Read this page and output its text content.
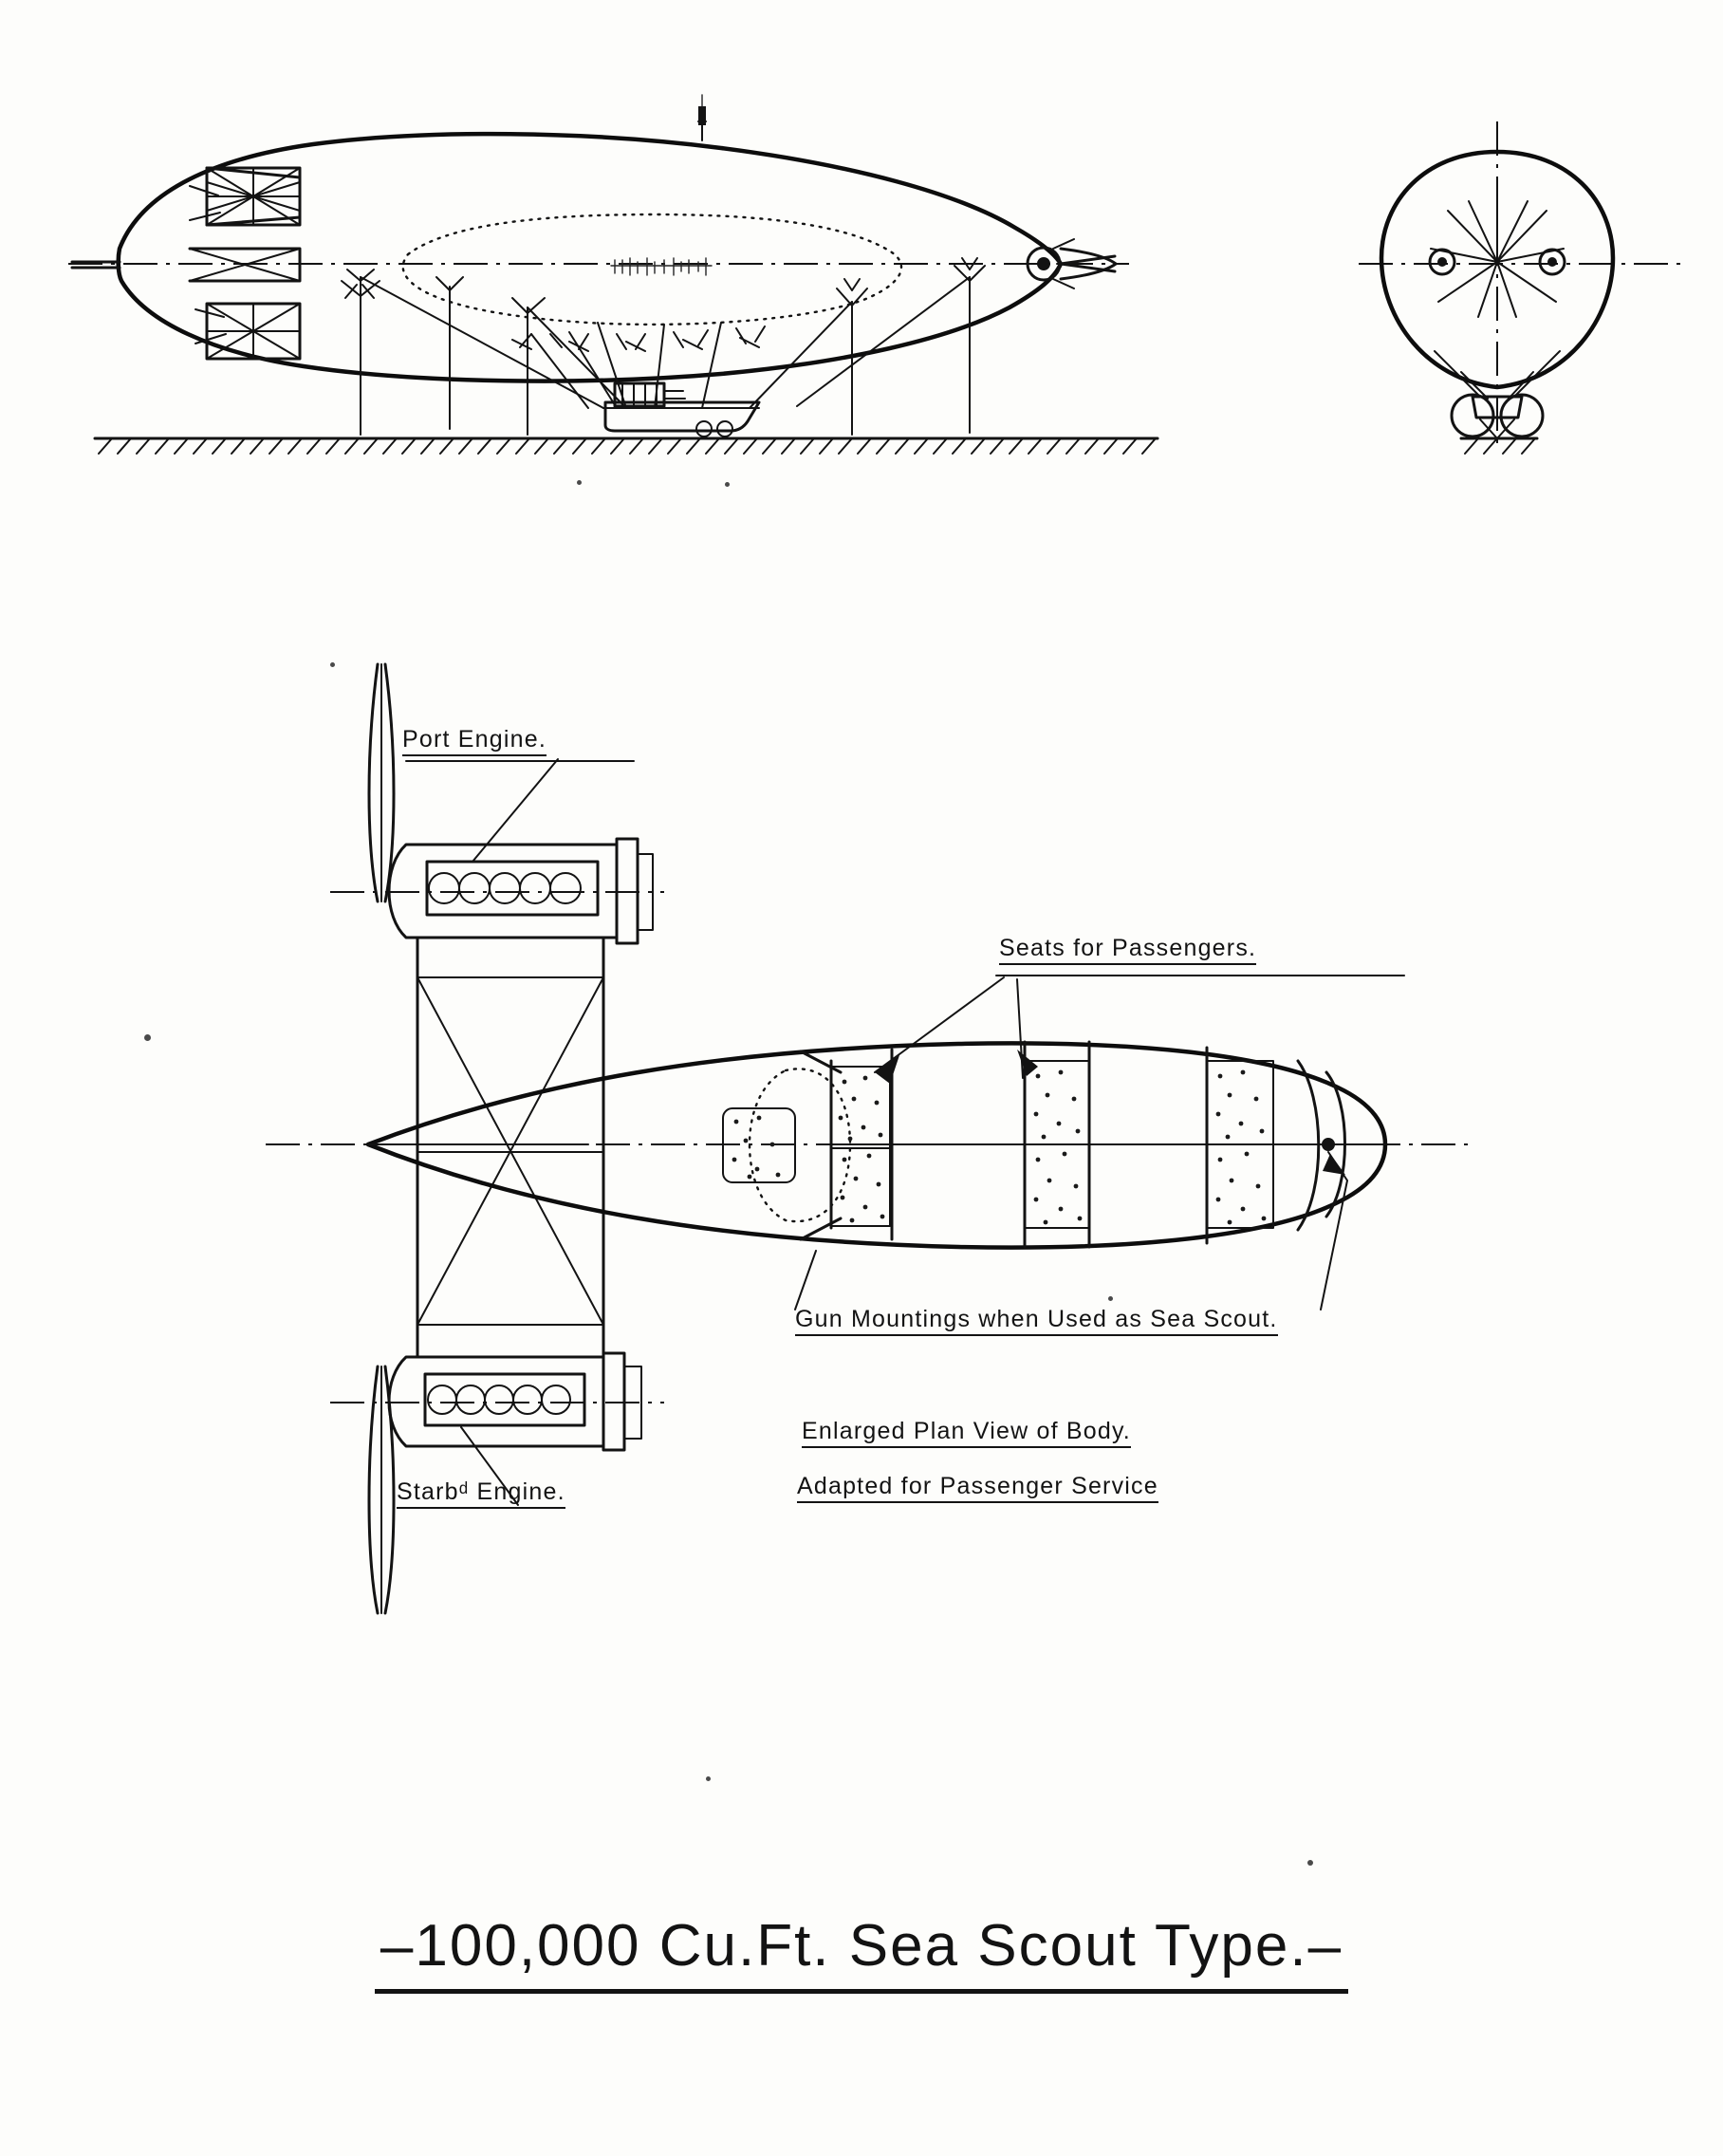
Port Engine.
Starbᵈ Engine.
Seats for Passengers.
Gun Mountings when Used as Sea Scout.
Enlarged Plan View of Body.
Adapted for Passenger Service
–100,000 Cu.Ft. Sea Scout Type.–
